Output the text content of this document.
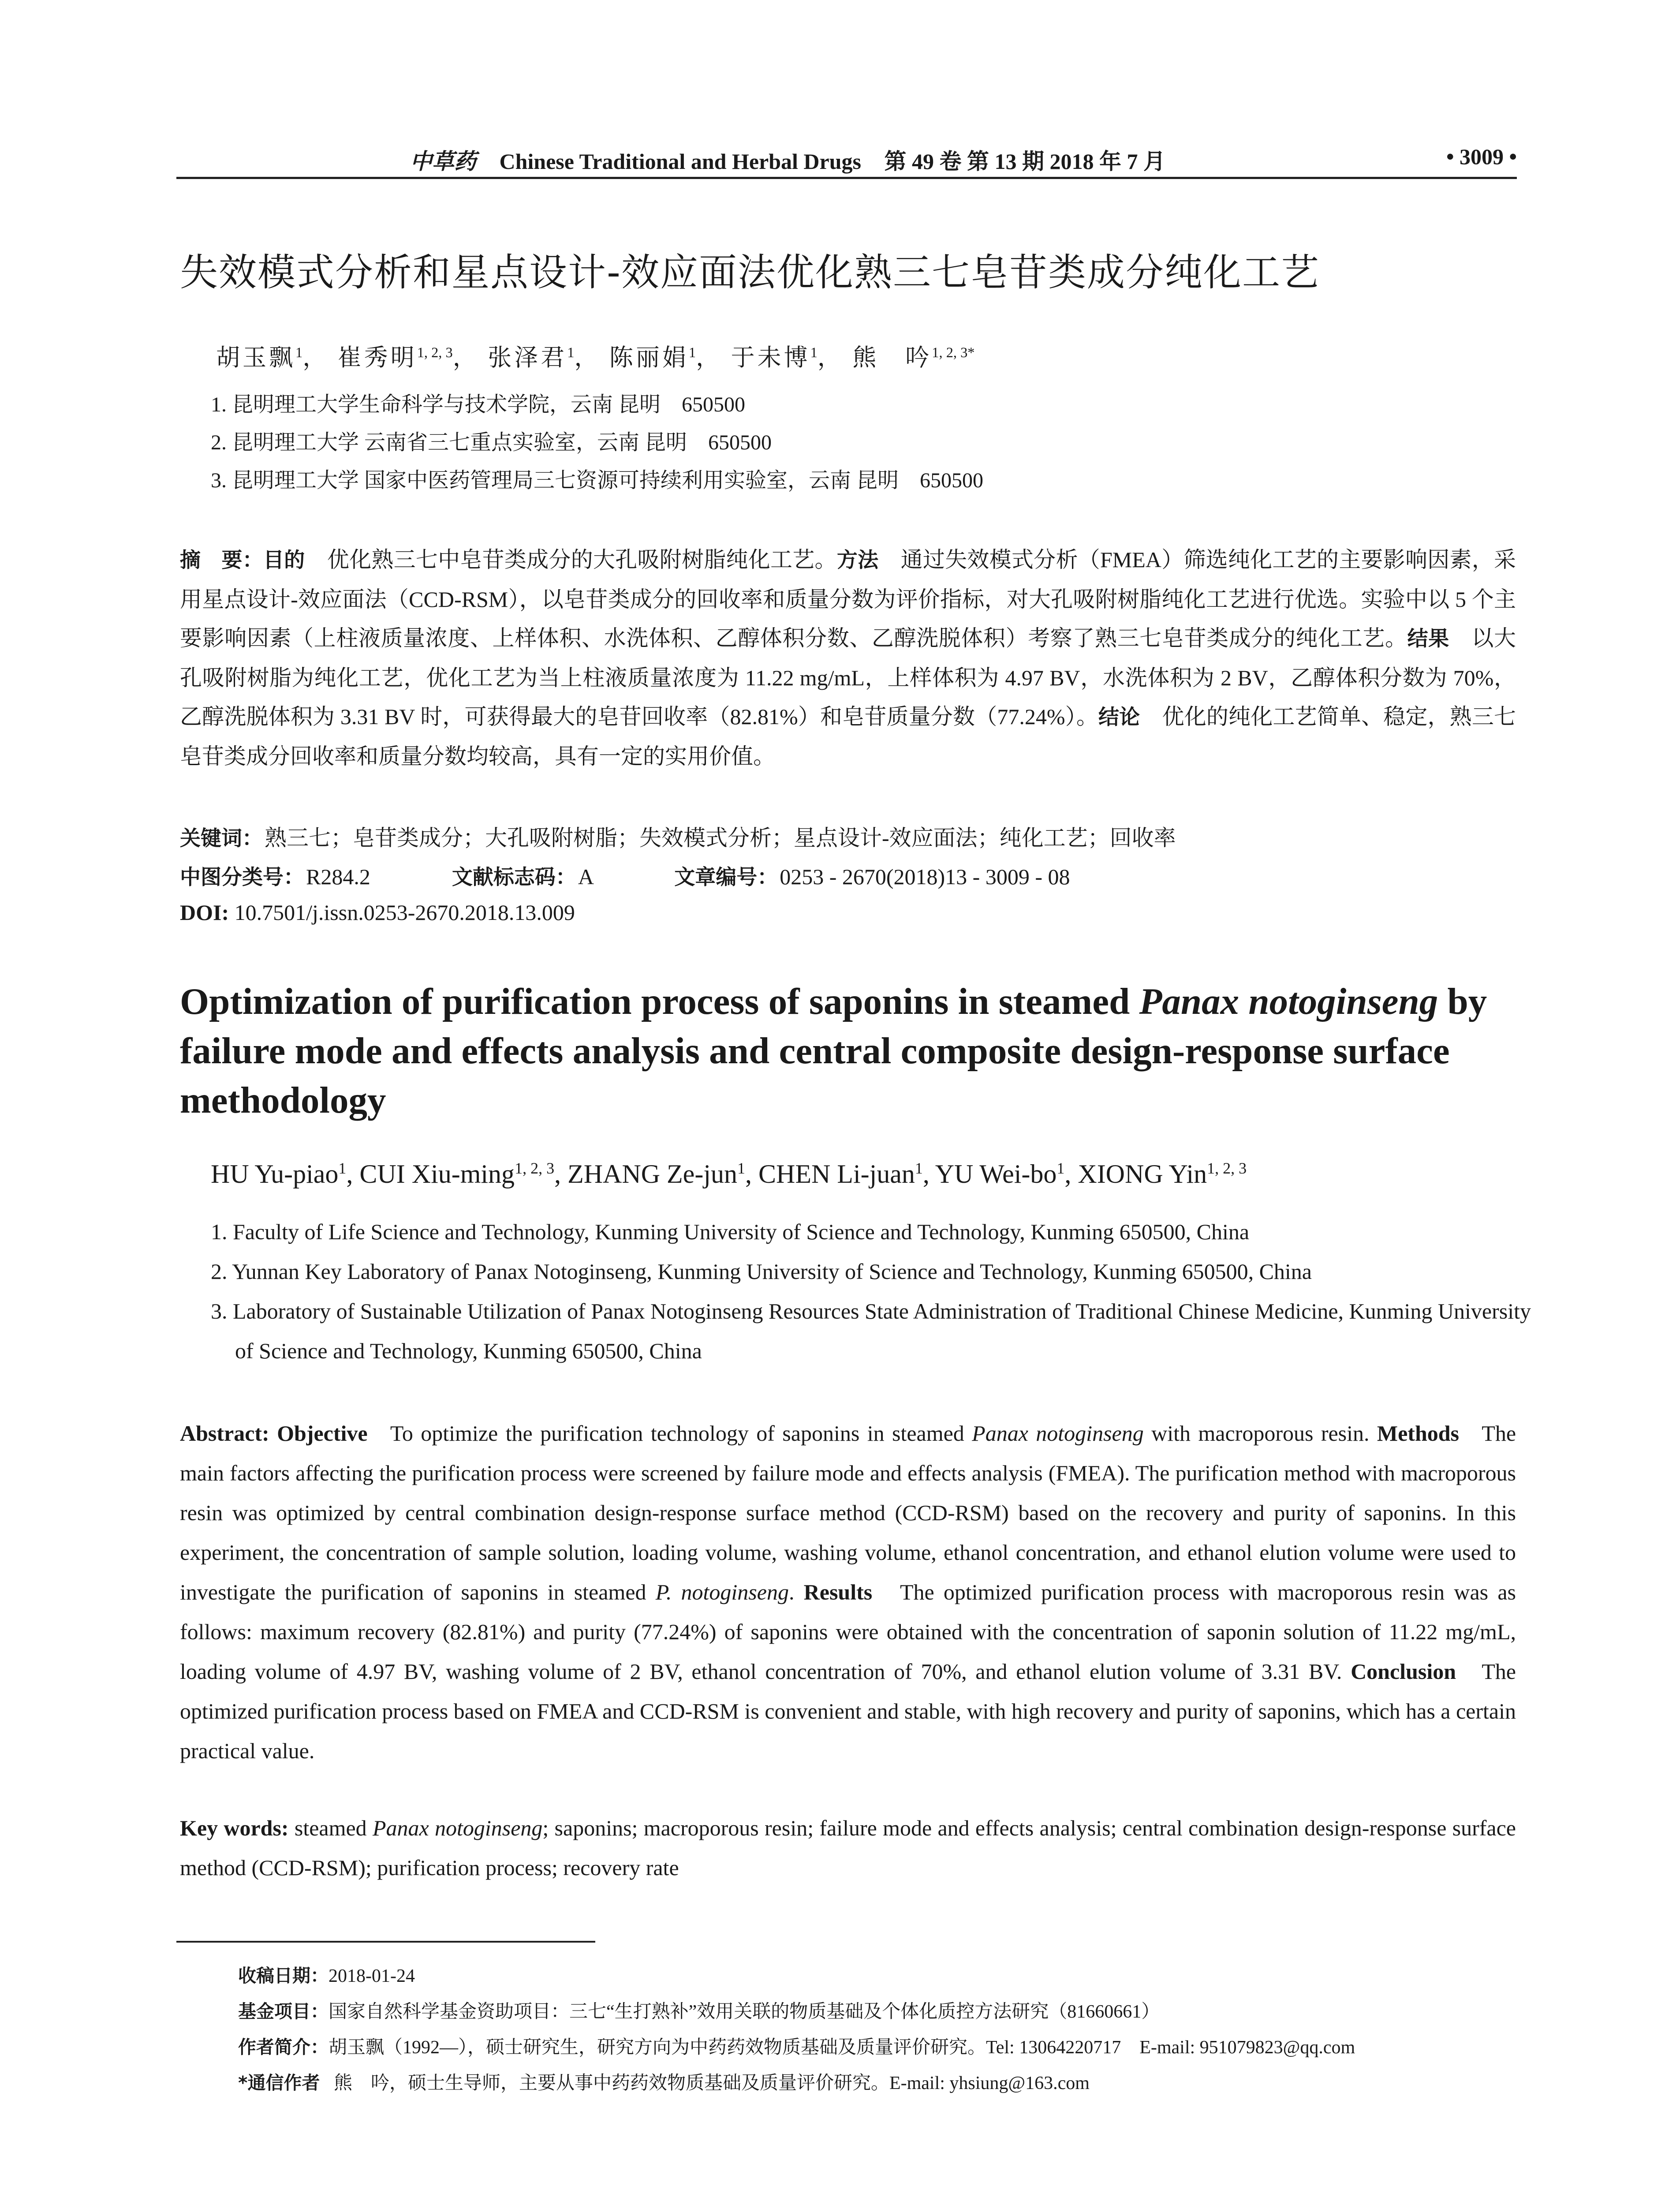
中草药 Chinese Traditional and Herbal Drugs 第 49 卷 第 13 期 2018 年 7 月	• 3009 •
失效模式分析和星点设计-效应面法优化熟三七皂苷类成分纯化工艺
胡玉飘$^1$， 崔秀明$^{1, 2, 3}$， 张泽君$^1$， 陈丽娟$^1$， 于未博$^1$， 熊　吟$^{1, 2, 3*}$
1. 昆明理工大学生命科学与技术学院，云南 昆明　650500
2. 昆明理工大学 云南省三七重点实验室，云南 昆明　650500
3. 昆明理工大学 国家中医药管理局三七资源可持续利用实验室，云南 昆明　650500
摘　要：目的 优化熟三七中皂苷类成分的大孔吸附树脂纯化工艺。方法 通过失效模式分析（FMEA）筛选纯化工艺的主要影响因素，采用星点设计-效应面法（CCD-RSM），以皂苷类成分的回收率和质量分数为评价指标，对大孔吸附树脂纯化工艺进行优选。实验中以 5 个主要影响因素（上柱液质量浓度、上样体积、水洗体积、乙醇体积分数、乙醇洗脱体积）考察了熟三七皂苷类成分的纯化工艺。结果 以大孔吸附树脂为纯化工艺，优化工艺为当上柱液质量浓度为 11.22 mg/mL，上样体积为 4.97 BV，水洗体积为 2 BV，乙醇体积分数为 70%，乙醇洗脱体积为 3.31 BV 时，可获得最大的皂苷回收率（82.81%）和皂苷质量分数（77.24%）。结论 优化的纯化工艺简单、稳定，熟三七皂苷类成分回收率和质量分数均较高，具有一定的实用价值。
关键词：熟三七；皂苷类成分；大孔吸附树脂；失效模式分析；星点设计-效应面法；纯化工艺；回收率
中图分类号：R284.2	文献标志码：A	文章编号：0253 - 2670(2018)13 - 3009 - 08
DOI: 10.7501/j.issn.0253-2670.2018.13.009
Optimization of purification process of saponins in steamed Panax notoginseng by failure mode and effects analysis and central composite design-response surface methodology
HU Yu-piao$^1$, CUI Xiu-ming$^{1, 2, 3}$, ZHANG Ze-jun$^1$, CHEN Li-juan$^1$, YU Wei-$bo^1$, XIONG Yin$^{1, 2, 3}$
1. Faculty of Life Science and Technology, Kunming University of Science and Technology, Kunming 650500, China
2. Yunnan Key Laboratory of Panax Notoginseng, Kunming University of Science and Technology, Kunming 650500, China
3. Laboratory of Sustainable Utilization of Panax Notoginseng Resources State Administration of Traditional Chinese Medicine, Kunming University of Science and Technology, Kunming 650500, China
Abstract: Objective To optimize the purification technology of saponins in steamed Panax notoginseng with macroporous resin. Methods The main factors affecting the purification process were screened by failure mode and effects analysis (FMEA). The purification method with macroporous resin was optimized by central combination design-response surface method (CCD-RSM) based on the recovery and purity of saponins. In this experiment, the concentration of sample solution, loading volume, washing volume, ethanol concentration, and ethanol elution volume were used to investigate the purification of saponins in steamed P. notoginseng. Results The optimized purification process with macroporous resin was as follows: maximum recovery (82.81%) and purity (77.24%) of saponins were obtained with the concentration of saponin solution of 11.22 mg/mL, loading volume of 4.97 BV, washing volume of 2 BV, ethanol concentration of 70%, and ethanol elution volume of 3.31 BV. Conclusion The optimized purification process based on FMEA and CCD-RSM is convenient and stable, with high recovery and purity of saponins, which has a certain practical value.
Key words: steamed Panax notoginseng; saponins; macroporous resin; failure mode and effects analysis; central combination design-response surface method (CCD-RSM); purification process; recovery rate
收稿日期：2018-01-24
基金项目：国家自然科学基金资助项目：三七“生打熟补”效用关联的物质基础及个体化质控方法研究（81660661）
作者简介：胡玉飘（1992—），硕士研究生，研究方向为中药药效物质基础及质量评价研究。Tel: 13064220717　E-mail: 951079823@qq.com
*通信作者 熊　吟，硕士生导师，主要从事中药药效物质基础及质量评价研究。E-mail: yhsiung@163.com
